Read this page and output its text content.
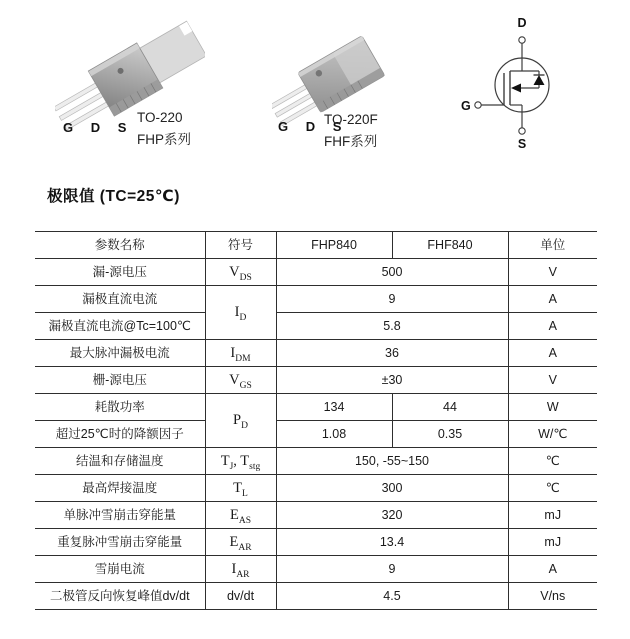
G D S
TO-220
FHP系列
G D S
TO-220F
FHF系列
D
G
S
极限值 (TC=25℃)
参数名称	符号	FHP840	FHF840	单位
漏-源电压	$V_{DS}$	500		V
漏极直流电流	$I_D$	9		A
漏极直流电流@Tc=100℃		5.8		A
最大脉冲漏极电流	$I_{DM}$	36		A
栅-源电压	$V_{GS}$	±30		V
耗散功率	$P_D$	134	44	W
超过25℃时的降额因子		1.08	0.35	W/℃
结温和存储温度	$T_J$, $T_{stg}$	150, -55~150		℃
最高焊接温度	$T_L$	300		℃
单脉冲雪崩击穿能量	$E_{AS}$	320		mJ
重复脉冲雪崩击穿能量	$E_{AR}$	13.4		mJ
雪崩电流	$I_{AR}$	9		A
二极管反向恢复峰值dv/dt	dv/dt	4.5		V/ns
